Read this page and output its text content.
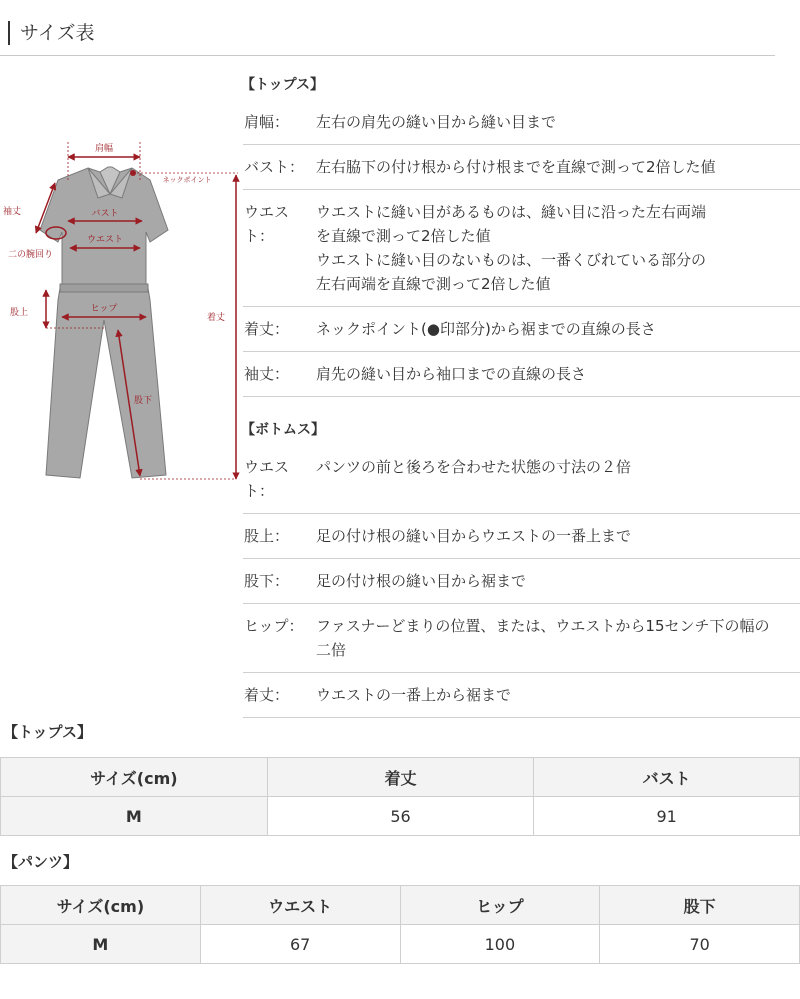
サイズ表
肩幅
ネックポイント
袖丈	バスト
ウエスト
二の腕回り
股上	ヒップ
股下
着丈
【トップス】
肩幅：	左右の肩先の縫い目から縫い目まで
バスト： 左右脇下の付け根から付け根までを直線で測って2倍した値
ウエスト：
ウエストに縫い目があるものは、縫い目に沿った左右両端
を直線で測って2倍した値
ウエストに縫い目のないものは、一番くびれている部分の
左右両端を直線で測って2倍した値
着丈：	ネックポイント(●印部分)から裾までの直線の長さ
袖丈：	肩先の縫い目から袖口までの直線の長さ
【ボトムス】
ウエスト：
パンツの前と後ろを合わせた状態の寸法の２倍
股上：	足の付け根の縫い目からウエストの一番上まで
股下：	足の付け根の縫い目から裾まで
ヒップ： ファスナーどまりの位置、または、ウエストから15センチ下の幅の
二倍
着丈：	ウエストの一番上から裾まで
【トップス】
サイズ(cm)	着丈	バスト
M	56	91
【パンツ】
サイズ(cm)	ウエスト	ヒップ	股下
M	67	100	70
